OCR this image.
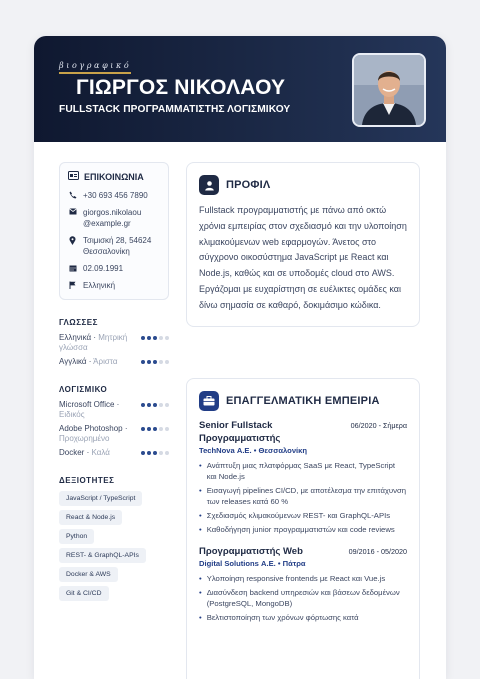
βιογραφικό
ΓΙΩΡΓΟΣ ΝΙΚΟΛΑΟΥ
FULLSTACK ΠΡΟΓΡΑΜΜΑΤΙΣΤΗΣ ΛΟΓΙΣΜΙΚΟΥ
ΕΠΙΚΟΙΝΩΝΙΑ
+30 693 456 7890
giorgos.nikolaou @example.gr
Τσιμισκή 28, 54624 Θεσσαλονίκη
02.09.1991
Ελληνική
ΓΛΩΣΣΕΣ
Ελληνικά · Μητρική γλώσσα
Αγγλικά · Άριστα
ΛΟΓΙΣΜΙΚΟ
Microsoft Office · Ειδικός
Adobe Photoshop · Προχωρημένο
Docker · Καλά
ΔΕΞΙΟΤΗΤΕΣ
JavaScript / TypeScript
React & Node.js
Python
REST- & GraphQL-APIs
Docker & AWS
Git & CI/CD
ΠΡΟΦΙΛ
Fullstack προγραμματιστής με πάνω από οκτώ χρόνια εμπειρίας στον σχεδιασμό και την υλοποίηση κλιμακούμενων web εφαρμογών. Άνετος στο σύγχρονο οικοσύστημα JavaScript με React και Node.js, καθώς και σε υποδομές cloud στο AWS. Εργάζομαι με ευχαρίστηση σε ευέλικτες ομάδες και δίνω σημασία σε καθαρό, δοκιμάσιμο κώδικα.
ΕΠΑΓΓΕΛΜΑΤΙΚΗ ΕΜΠΕΙΡΙΑ
Senior Fullstack Προγραμματιστής
06/2020 - Σήμερα
TechNova Α.Ε. • Θεσσαλονίκη
• Ανάπτυξη μιας πλατφόρμας SaaS με React, TypeScript και Node.js
• Εισαγωγή pipelines CI/CD, με αποτέλεσμα την επιτάχυνση των releases κατά 60 %
• Σχεδιασμός κλιμακούμενων REST- και GraphQL-APIs
• Καθοδήγηση junior προγραμματιστών και code reviews
Προγραμματιστής Web	09/2016 - 05/2020
Digital Solutions Α.Ε. • Πάτρα
• Υλοποίηση responsive frontends με React και Vue.js
• Διασύνδεση backend υπηρεσιών και βάσεων δεδομένων (PostgreSQL, MongoDB)
• Βελτιστοποίηση των χρόνων φόρτωσης κατά
